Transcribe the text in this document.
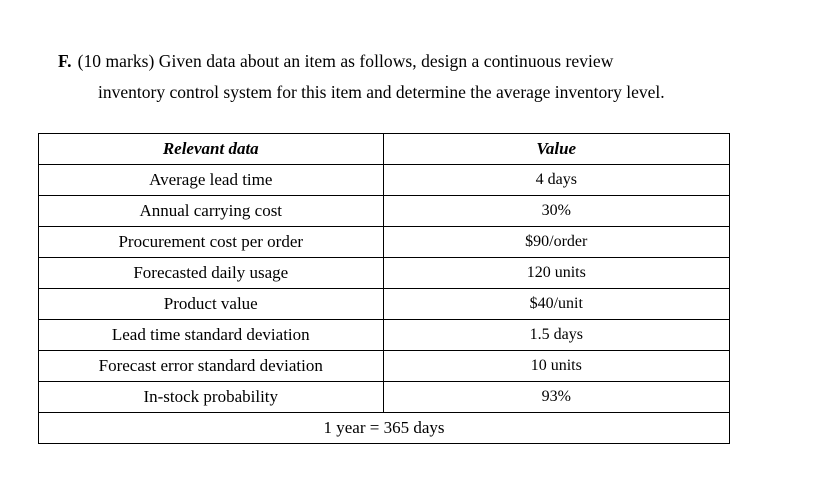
F. (10 marks) Given data about an item as follows, design a continuous review
inventory control system for this item and determine the average inventory level.
Relevant data	Value
Average lead time	4 days
Annual carrying cost	30%
Procurement cost per order	$90/order
Forecasted daily usage	120 units
Product value	$40/unit
Lead time standard deviation	1.5 days
Forecast error standard deviation	10 units
In-stock probability	93%
1 year = 365 days	
